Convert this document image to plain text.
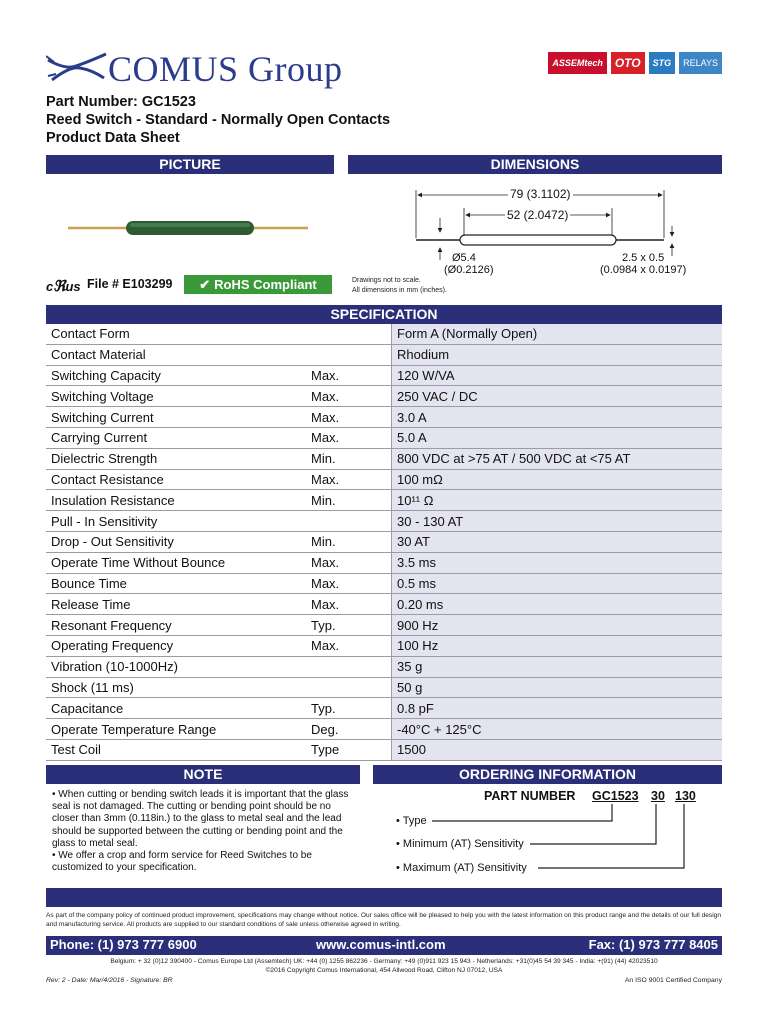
COMUS Group	ASSEMtech	OTO	STG	RELAYS
Part Number: GC1523
Reed Switch - Standard - Normally Open Contacts
Product Data Sheet
PICTURE	DIMENSIONS
cℜus File # E103299 ✔ RoHS Compliant
79 (3.1102)
52 (2.0472)
Ø5.4
(Ø0.2126)
2.5 x 0.5
(0.0984 x 0.0197)
Drawings not to scale.
All dimensions in mm (inches).
SPECIFICATION
Contact Form		Form A (Normally Open)
Contact Material		Rhodium
Switching Capacity	Max.	120 W/VA
Switching Voltage	Max.	250 VAC / DC
Switching Current	Max.	3.0 A
Carrying Current	Max.	5.0 A
Dielectric Strength	Min.	800 VDC at >75 AT / 500 VDC at <75 AT
Contact Resistance	Max.	100 mΩ
Insulation Resistance	Min.	10¹¹ Ω
Pull - In Sensitivity		30 - 130 AT
Drop - Out Sensitivity	Min.	30 AT
Operate Time Without Bounce	Max.	3.5 ms
Bounce Time	Max.	0.5 ms
Release Time	Max.	0.20 ms
Resonant Frequency	Typ.	900 Hz
Operating Frequency	Max.	100 Hz
Vibration (10-1000Hz)		35 g
Shock (11 ms)		50 g
Capacitance	Typ.	0.8 pF
Operate Temperature Range	Deg.	-40°C + 125°C
Test Coil	Type	1500
NOTE
• When cutting or bending switch leads it is important that the glass seal is not damaged. The cutting or bending point should be no closer than 3mm (0.118in.) to the glass to metal seal and the lead should be supported between the cutting or bending point and the glass to metal seal.
• We offer a crop and form service for Reed Switches to be customized to your specification.
ORDERING INFORMATION
PART NUMBER GC1523 30 130
• Type
• Minimum (AT) Sensitivity
• Maximum (AT) Sensitivity
As part of the company policy of continued product improvement, specifications may change without notice. Our sales office will be pleased to help you with the latest information on this product range and the details of our full design and manufacturing service. All products are supplied to our standard conditions of sale unless otherwise agreed in writing.
Phone: (1) 973 777 6900	www.comus-intl.com	Fax: (1) 973 777 8405
Belgium: + 32 (0)12 390400 - Comus Europe Ltd (Assemtech) UK: +44 (0) 1255 862236 - Germany: +49 (0)911 923 15 943 - Netherlands: +31(0)45 54 39 345 - India: +(91) (44) 42023510
©2016 Copyright Comus International, 454 Allwood Road, Clifton NJ 07012, USA
Rev: 2 - Date: Mar/4/2016 - Signature: BR	An ISO 9001 Certified Company
